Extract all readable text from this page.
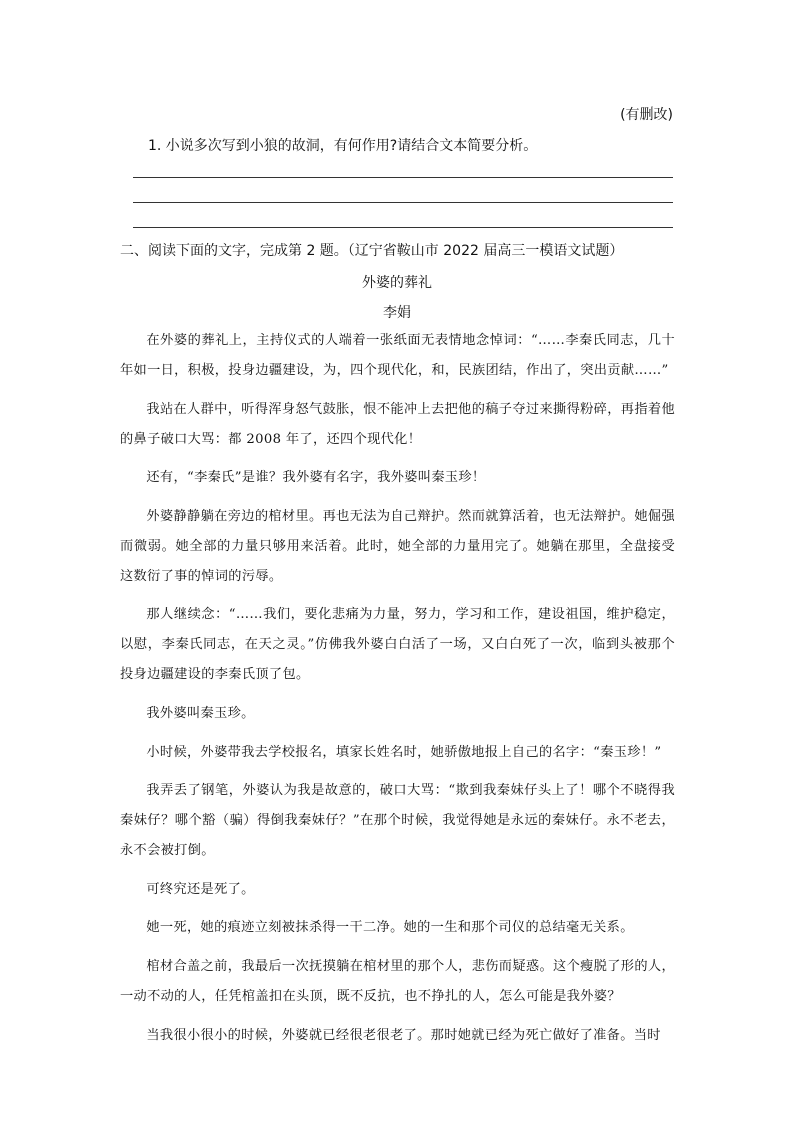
(有删改)
1. 小说多次写到小狼的故洞，有何作用?请结合文本简要分析。
二、阅读下面的文字，完成第 2 题。（辽宁省鞍山市 2022 届高三一模语文试题）
外婆的葬礼
李娟

在外婆的葬礼上，主持仪式的人端着一张纸面无表情地念悼词：“……李秦氏同志，几十年如一日，积极，投身边疆建设，为，四个现代化，和，民族团结，作出了，突出贡献……”

我站在人群中，听得浑身怒气鼓胀，恨不能冲上去把他的稿子夺过来撕得粉碎，再指着他的鼻子破口大骂：都 2008 年了，还四个现代化！

还有，“李秦氏”是谁？我外婆有名字，我外婆叫秦玉珍！

外婆静静躺在旁边的棺材里。再也无法为自己辩护。然而就算活着，也无法辩护。她倔强而微弱。她全部的力量只够用来活着。此时，她全部的力量用完了。她躺在那里，全盘接受这数衍了事的悼词的污辱。

那人继续念：“……我们，要化悲痛为力量，努力，学习和工作，建设祖国，维护稳定，以慰，李秦氏同志，在天之灵。”仿佛我外婆白白活了一场，又白白死了一次，临到头被那个投身边疆建设的李秦氏顶了包。

我外婆叫秦玉珍。

小时候，外婆带我去学校报名，填家长姓名时，她骄傲地报上自己的名字：“秦玉珍！”

我弄丢了钢笔，外婆认为我是故意的，破口大骂：“欺到我秦妹仔头上了！哪个不晓得我秦妹仔？哪个豁（骗）得倒我秦妹仔？”在那个时候，我觉得她是永远的秦妹仔。永不老去，永不会被打倒。

可终究还是死了。

她一死，她的痕迹立刻被抹杀得一干二净。她的一生和那个司仪的总结毫无关系。

棺材合盖之前，我最后一次抚摸躺在棺材里的那个人，悲伤而疑惑。这个瘦脱了形的人，一动不动的人，任凭棺盖扣在头顶，既不反抗，也不挣扎的人，怎么可能是我外婆？

当我很小很小的时候，外婆就已经很老很老了。那时她就已经为死亡做好了准备。当时
